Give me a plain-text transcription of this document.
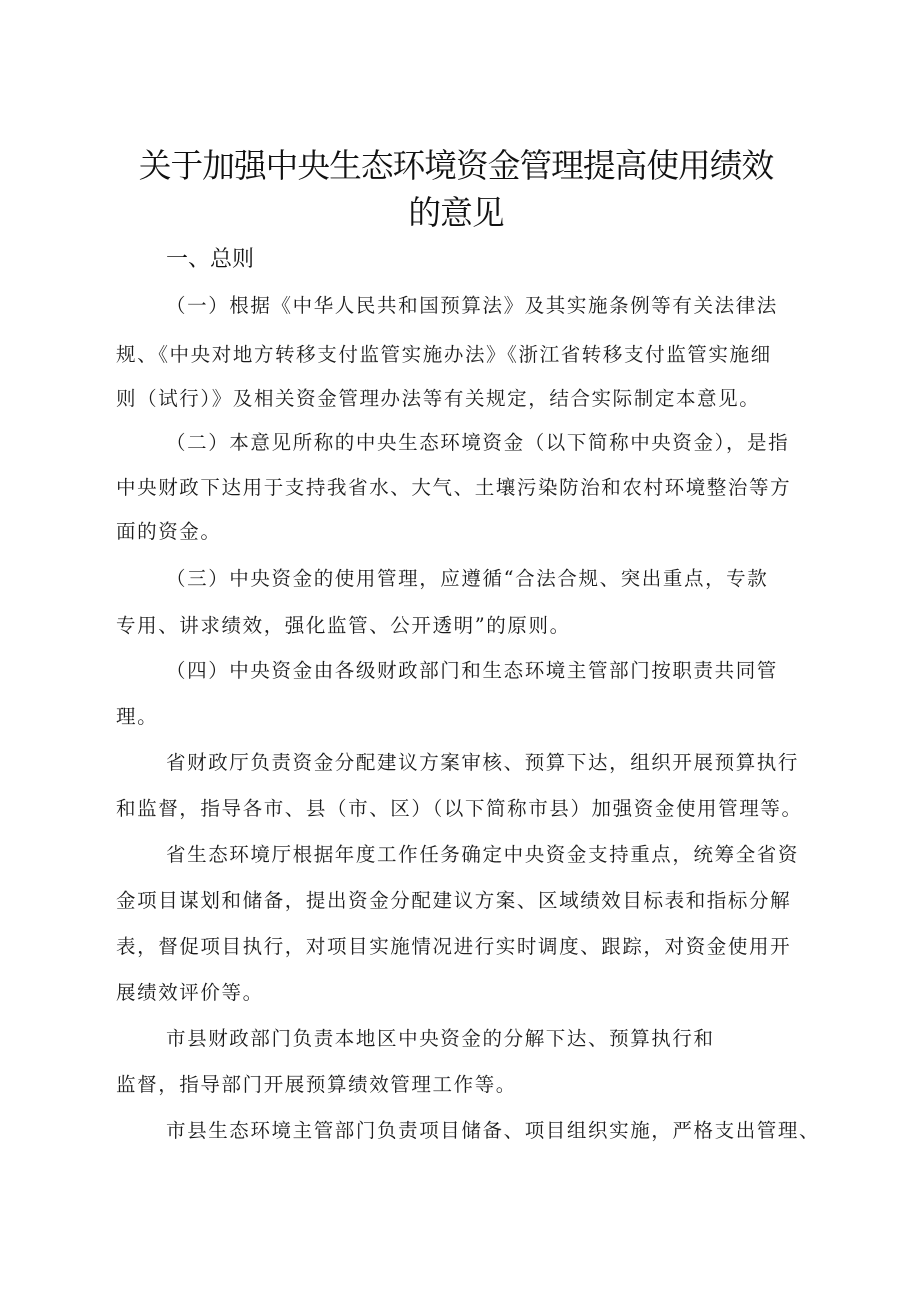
关于加强中央生态环境资金管理提高使用绩效
的意见
一、总则
（一）根据《中华人民共和国预算法》及其实施条例等有关法律法
规、《中央对地方转移支付监管实施办法》《浙江省转移支付监管实施细
则（试行）》及相关资金管理办法等有关规定，结合实际制定本意见。
（二）本意见所称的中央生态环境资金（以下简称中央资金），是指
中央财政下达用于支持我省水、大气、土壤污染防治和农村环境整治等方
面的资金。
（三）中央资金的使用管理，应遵循“合法合规、突出重点，专款
专用、讲求绩效，强化监管、公开透明”的原则。
（四）中央资金由各级财政部门和生态环境主管部门按职责共同管
理。
省财政厅负责资金分配建议方案审核、预算下达，组织开展预算执行
和监督，指导各市、县（市、区）（以下简称市县）加强资金使用管理等。
省生态环境厅根据年度工作任务确定中央资金支持重点，统筹全省资
金项目谋划和储备，提出资金分配建议方案、区域绩效目标表和指标分解
表，督促项目执行，对项目实施情况进行实时调度、跟踪，对资金使用开
展绩效评价等。
市县财政部门负责本地区中央资金的分解下达、预算执行和
监督，指导部门开展预算绩效管理工作等。
市县生态环境主管部门负责项目储备、项目组织实施，严格支出管理、
